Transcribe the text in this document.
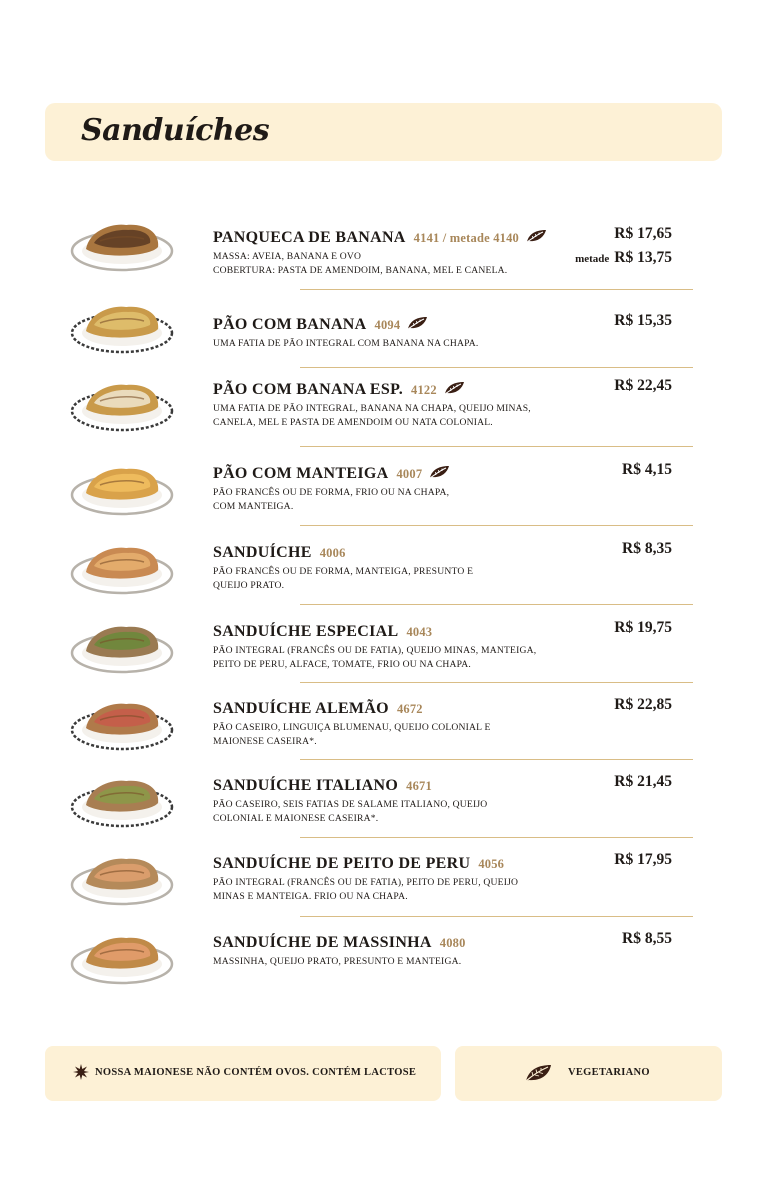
Sanduíches
PANQUECA DE BANANA 4141 / metade 4140
MASSA: AVEIA, BANANA E OVO
COBERTURA: PASTA DE AMENDOIM, BANANA, MEL E CANELA.
R$ 17,65
metade R$ 13,75
PÃO COM BANANA 4094
UMA FATIA DE PÃO INTEGRAL COM BANANA NA CHAPA.
R$ 15,35
PÃO COM BANANA ESP. 4122
UMA FATIA DE PÃO INTEGRAL, BANANA NA CHAPA, QUEIJO MINAS,
CANELA, MEL E PASTA DE AMENDOIM OU NATA COLONIAL.
R$ 22,45
PÃO COM MANTEIGA 4007
PÃO FRANCÊS OU DE FORMA, FRIO OU NA CHAPA,
COM MANTEIGA.
R$ 4,15
SANDUÍCHE 4006
PÃO FRANCÊS OU DE FORMA, MANTEIGA, PRESUNTO E
QUEIJO PRATO.
R$ 8,35
SANDUÍCHE ESPECIAL 4043
PÃO INTEGRAL (FRANCÊS OU DE FATIA), QUEIJO MINAS, MANTEIGA,
PEITO DE PERU, ALFACE, TOMATE, FRIO OU NA CHAPA.
R$ 19,75
SANDUÍCHE ALEMÃO 4672
PÃO CASEIRO, LINGUIÇA BLUMENAU, QUEIJO COLONIAL E
MAIONESE CASEIRA*.
R$ 22,85
SANDUÍCHE ITALIANO 4671
PÃO CASEIRO, SEIS FATIAS DE SALAME ITALIANO, QUEIJO
COLONIAL E MAIONESE CASEIRA*.
R$ 21,45
SANDUÍCHE DE PEITO DE PERU 4056
PÃO INTEGRAL (FRANCÊS OU DE FATIA), PEITO DE PERU, QUEIJO
MINAS E MANTEIGA. FRIO OU NA CHAPA.
R$ 17,95
SANDUÍCHE DE MASSINHA 4080
MASSINHA, QUEIJO PRATO, PRESUNTO E MANTEIGA.
R$ 8,55
NOSSA MAIONESE NÃO CONTÉM OVOS. CONTÉM LACTOSE	VEGETARIANO
